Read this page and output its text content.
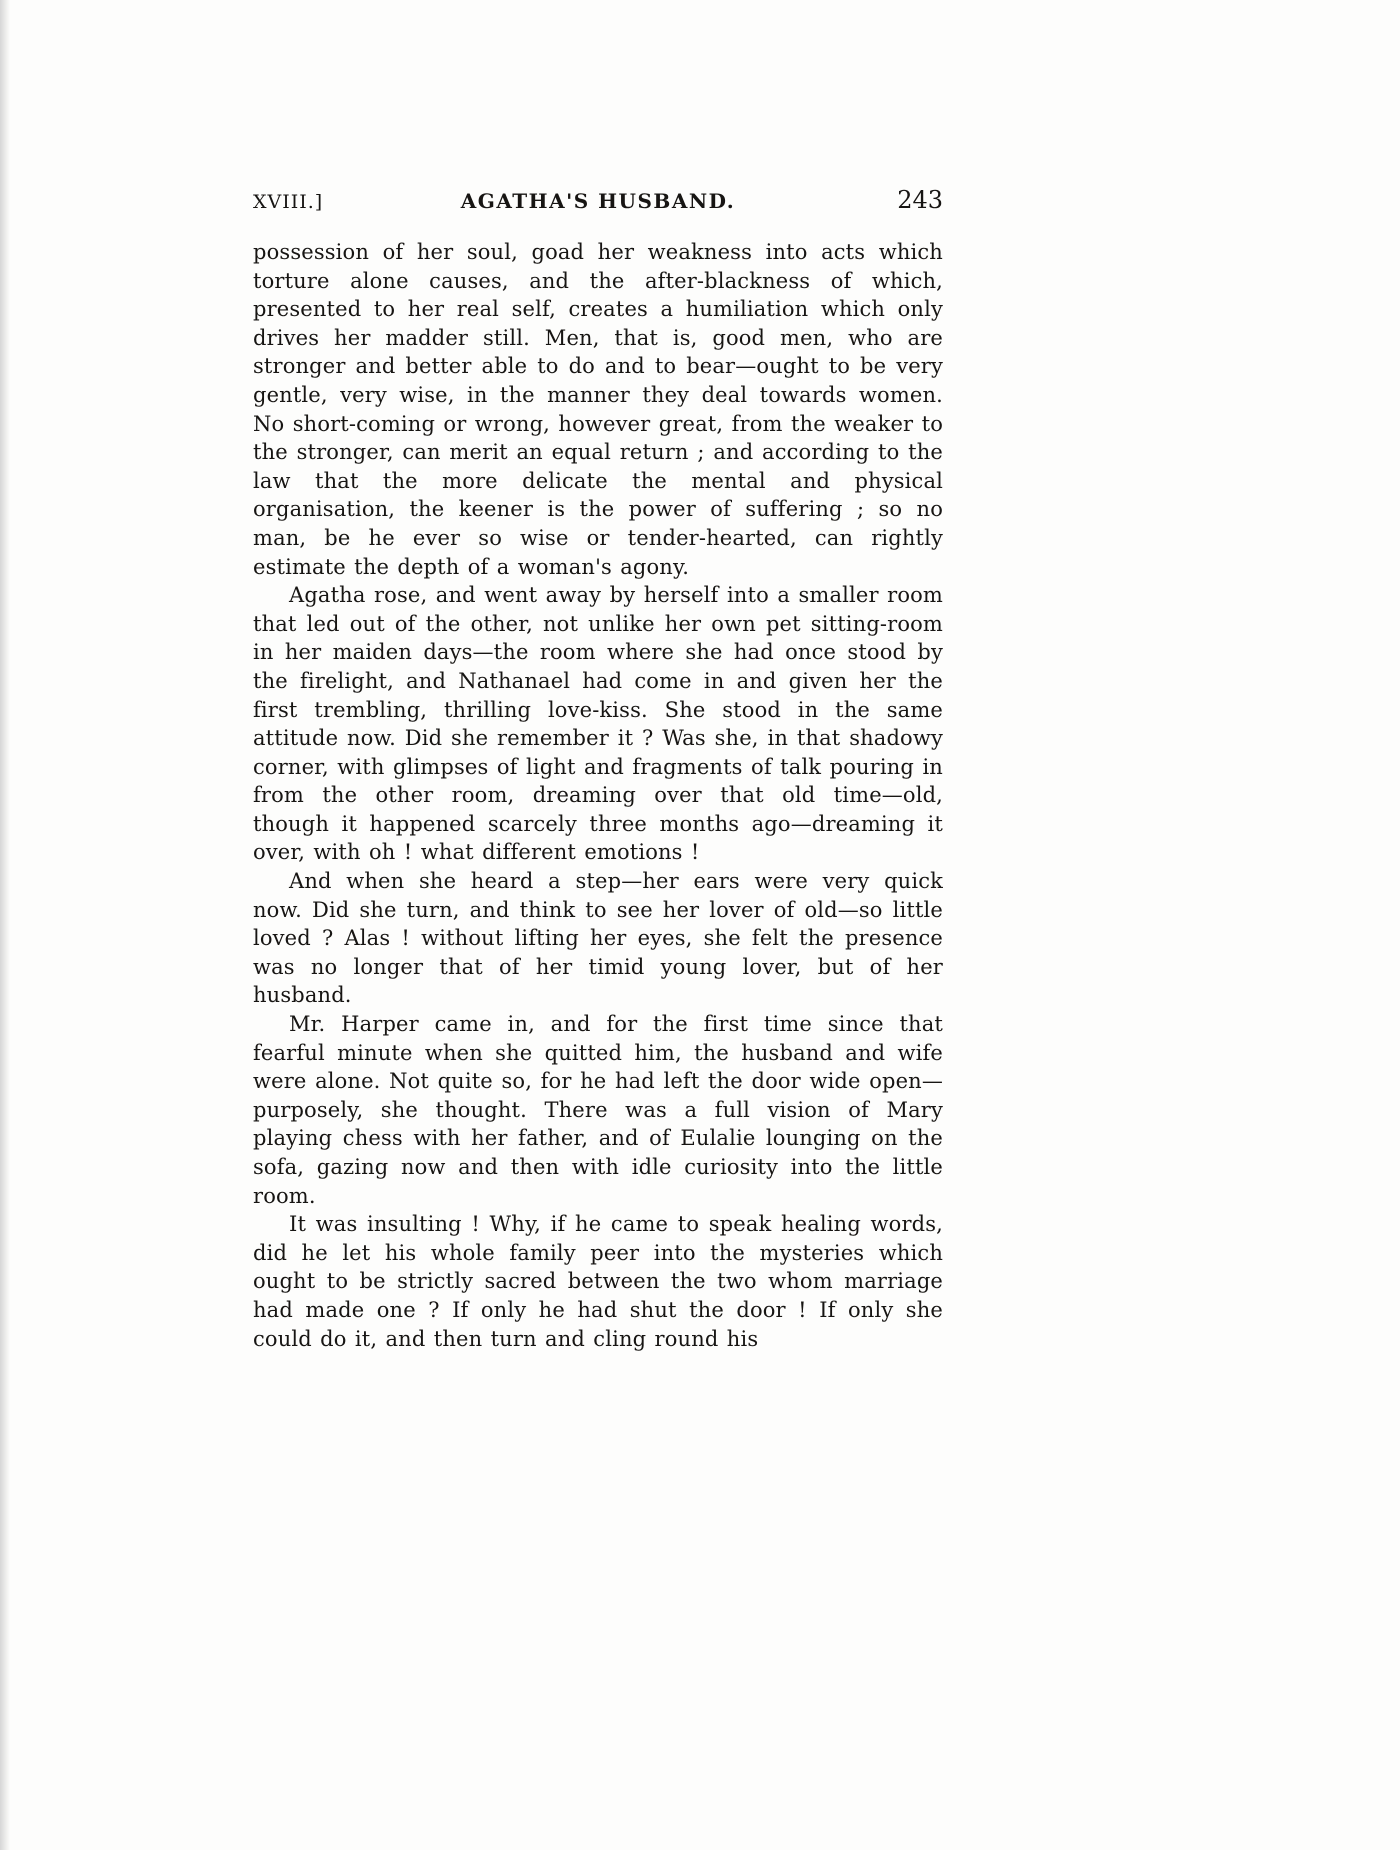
XVIII.]	AGATHA'S HUSBAND.	243

possession of her soul, goad her weakness into acts which torture alone causes, and the after-blackness of which, presented to her real self, creates a humiliation which only drives her madder still. Men, that is, good men, who are stronger and better able to do and to bear—ought to be very gentle, very wise, in the manner they deal towards women. No short-coming or wrong, however great, from the weaker to the stronger, can merit an equal return ; and according to the law that the more delicate the mental and physical organisation, the keener is the power of suffering ; so no man, be he ever so wise or tender-hearted, can rightly estimate the depth of a woman's agony.

Agatha rose, and went away by herself into a smaller room that led out of the other, not unlike her own pet sitting-room in her maiden days—the room where she had once stood by the firelight, and Nathanael had come in and given her the first trembling, thrilling love-kiss. She stood in the same attitude now. Did she remember it ? Was she, in that shadowy corner, with glimpses of light and fragments of talk pouring in from the other room, dreaming over that old time—old, though it happened scarcely three months ago—dreaming it over, with oh ! what different emotions !

And when she heard a step—her ears were very quick now. Did she turn, and think to see her lover of old—so little loved ? Alas ! without lifting her eyes, she felt the presence was no longer that of her timid young lover, but of her husband.

Mr. Harper came in, and for the first time since that fearful minute when she quitted him, the husband and wife were alone. Not quite so, for he had left the door wide open—purposely, she thought. There was a full vision of Mary playing chess with her father, and of Eulalie lounging on the sofa, gazing now and then with idle curiosity into the little room.

It was insulting ! Why, if he came to speak healing words, did he let his whole family peer into the mysteries which ought to be strictly sacred between the two whom marriage had made one ? If only he had shut the door ! If only she could do it, and then turn and cling round his
